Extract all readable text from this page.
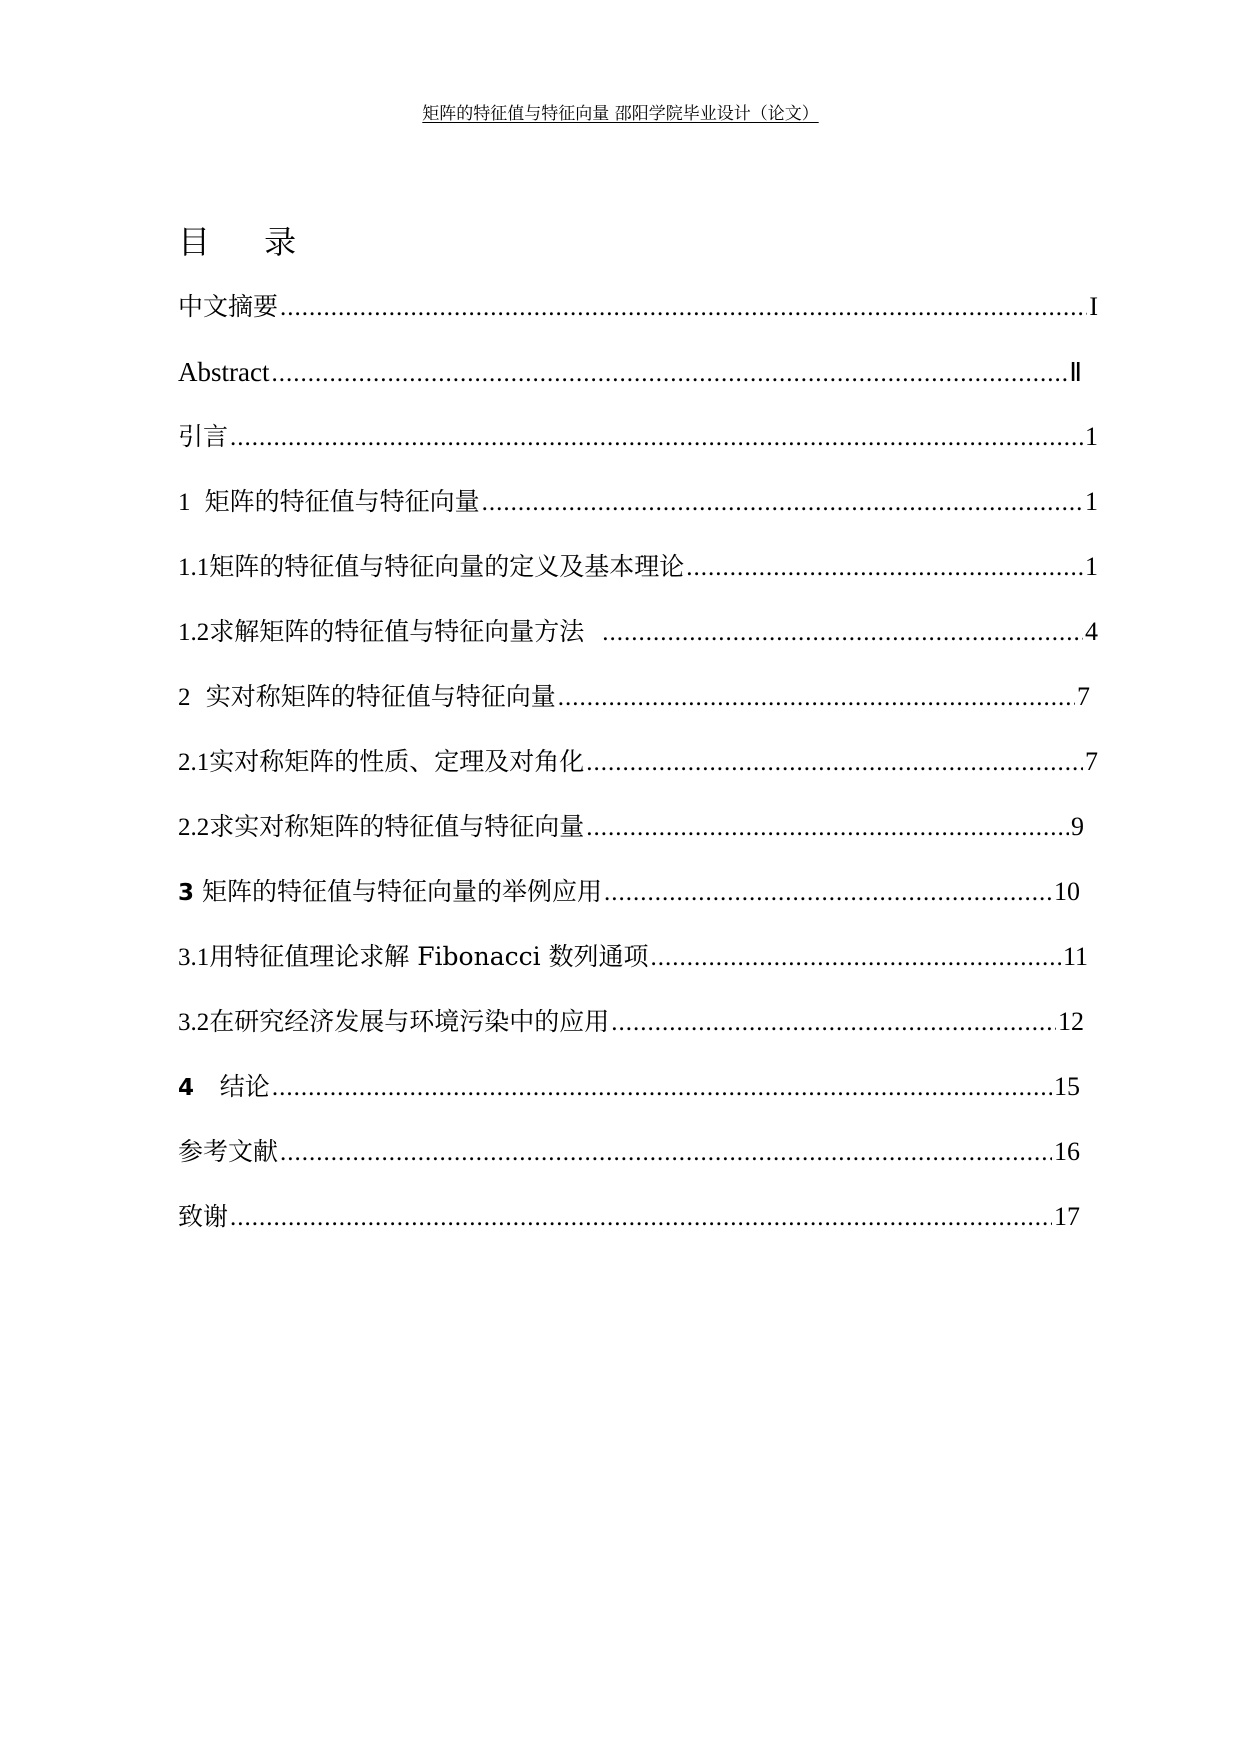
矩阵的特征值与特征向量 邵阳学院毕业设计（论文）
目 录
中文摘要 .....	I
Abstract .....	Ⅱ
引言 .....	1
1 矩阵的特征值与特征向量 .....	1
1.1 矩阵的特征值与特征向量的定义及基本理论 .....	1
1.2 求解矩阵的特征值与特征向量方法 .....	4
2 实对称矩阵的特征值与特征向量 .....	7
2.1 实对称矩阵的性质、定理及对角化 .....	7
2.2 求实对称矩阵的特征值与特征向量 .....	9
3 矩阵的特征值与特征向量的举例应用 .....	10
3.1 用特征值理论求解 Fibonacci 数列通项 .....	11
3.2 在研究经济发展与环境污染中的应用 .....	12
4	结论 .....	15
参考文献 .....	16
致谢 .....	17
